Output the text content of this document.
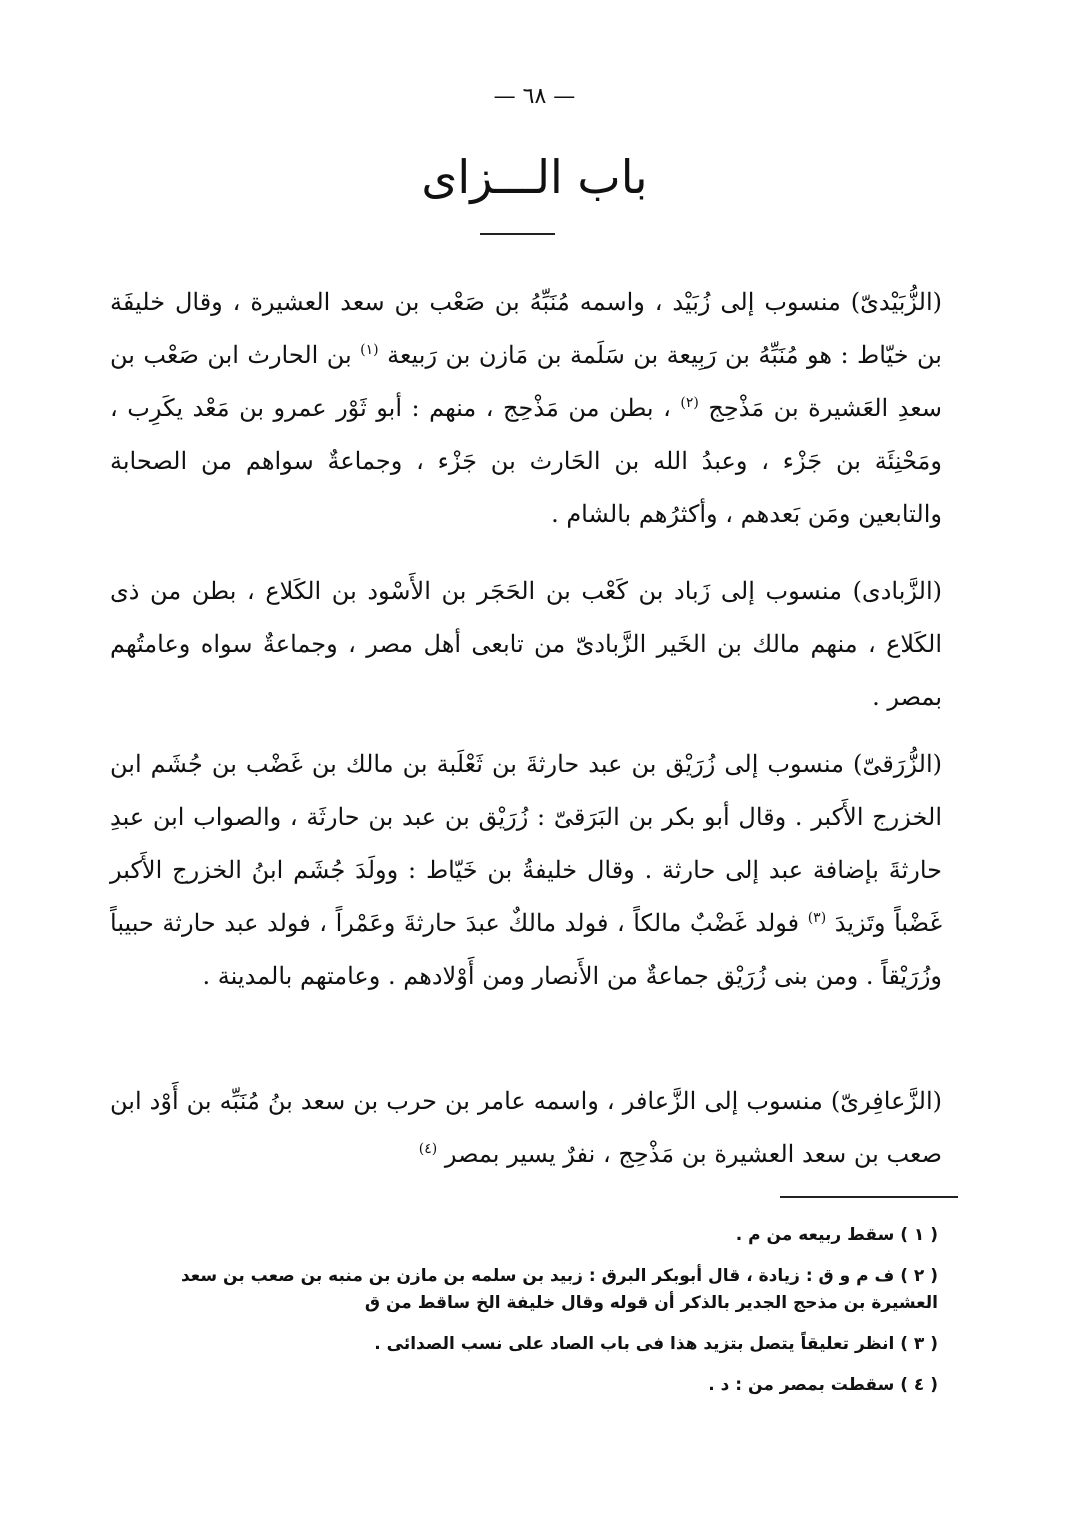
— ٦٨ —
باب الـــزاى

(الزُّبَيْدىّ) منسوب إلى زُبَيْد ، واسمه مُنَبِّهُ بن صَعْب بن سعد العشيرة ، وقال خليفَة بن خيّاط : هو مُنَبِّهُ بن رَبِيعة بن سَلَمة بن مَازن بن رَبيعة $^{(١)}$ بن الحارث ابن صَعْب بن سعدِ العَشيرة بن مَذْحِج $^{(٢)}$ ، بطن من مَذْحِج ، منهم : أبو ثَوْر عمرو بن مَعْد يكَرِب ، ومَحْنِئَة بن جَزْء ، وعبدُ الله بن الحَارث بن جَزْء ، وجماعةٌ سواهم من الصحابة والتابعين ومَن بَعدهم ، وأكثرُهم بالشام .

(الزَّبادى) منسوب إلى زَباد بن كَعْب بن الحَجَر بن الأَسْود بن الكَلاع ، بطن من ذى الكَلاع ، منهم مالك بن الخَير الزَّبادىّ من تابعى أهل مصر ، وجماعةٌ سواه وعامتُهم بمصر .

(الزُّرَقىّ) منسوب إلى زُرَيْق بن عبد حارثةَ بن ثَعْلَبة بن مالك بن غَضْب بن جُشَم ابن الخزرج الأَكبر . وقال أبو بكر بن البَرَقىّ : زُرَيْق بن عبد بن حارثَة ، والصواب ابن عبدِ حارثةَ بإضافة عبد إلى حارثة . وقال خليفةُ بن خَيّاط : وولَدَ جُشَم ابنُ الخزرج الأَكبر غَضْباً وتَزيدَ $^{(٣)}$ فولد غَضْبٌ مالكاً ، فولد مالكٌ عبدَ حارثةَ وعَمْراً ، فولد عبد حارثة حبيباً وزُرَيْقاً . ومن بنى زُرَيْق جماعةٌ من الأَنصار ومن أَوْلادهم . وعامتهم بالمدينة .

(الزَّعافِرىّ) منسوب إلى الزَّعافر ، واسمه عامر بن حرب بن سعد بنُ مُنَبِّه بن أَوْد ابن صعب بن سعد العشيرة بن مَذْحِج ، نفرٌ يسير بمصر $^{(٤)}$

( ١ ) سقط ربيعه من م .

( ٢ ) ف م و ق : زيادة ، قال أبوبكر البرق : زبيد بن سلمه بن مازن بن منبه بن صعب بن سعد العشيرة بن مذحج الجدير بالذكر أن قوله وقال خليفة الخ ساقط من ق

( ٣ ) انظر تعليقاً يتصل بتزيد هذا فى باب الصاد على نسب الصدائى .

( ٤ ) سقطت بمصر من : د .
